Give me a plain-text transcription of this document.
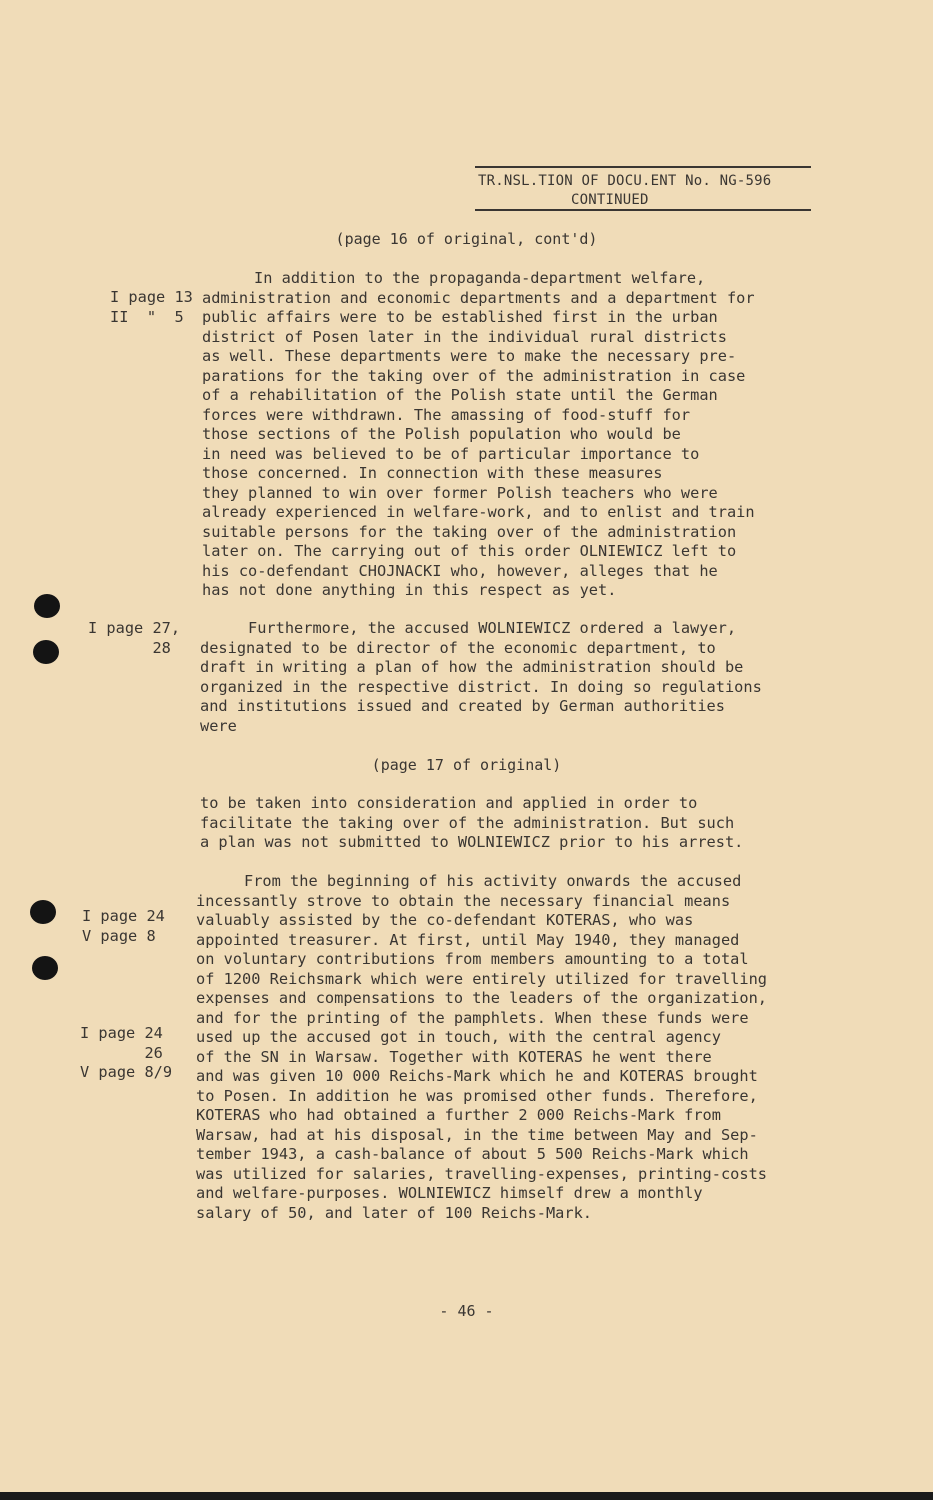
TR.NSL.TION OF DOCU.ENT No. NG-596
CONTINUED
(page 16 of original, cont'd)
I page 13
II  "  5
In addition to the propaganda-department welfare,
administration and economic departments and a department for
public affairs were to be established first in the urban
district of Posen later in the individual rural districts
as well. These departments were to make the necessary pre-
parations for the taking over of the administration in case
of a rehabilitation of the Polish state until the German
forces were withdrawn. The amassing of food-stuff for
those sections of the Polish population who would be
in need was believed to be of particular importance to
those concerned. In connection with these measures
they planned to win over former Polish teachers who were
already experienced in welfare-work, and to enlist and train
suitable persons for the taking over of the administration
later on. The carrying out of this order OLNIEWICZ left to
his co-defendant CHOJNACKI who, however, alleges that he
has not done anything in this respect as yet.
I page 27,
28
Furthermore, the accused WOLNIEWICZ ordered a lawyer,
designated to be director of the economic department, to
draft in writing a plan of how the administration should be
organized in the respective district. In doing so regulations
and institutions issued and created by German authorities
were
(page 17 of original)
to be taken into consideration and applied in order to
facilitate the taking over of the administration. But such
a plan was not submitted to WOLNIEWICZ prior to his arrest.
I page 24
V page 8
I page 24
26
V page 8/9
From the beginning of his activity onwards the accused
incessantly strove to obtain the necessary financial means
valuably assisted by the co-defendant KOTERAS, who was
appointed treasurer. At first, until May 1940, they managed
on voluntary contributions from members amounting to a total
of 1200 Reichsmark which were entirely utilized for travelling
expenses and compensations to the leaders of the organization,
and for the printing of the pamphlets. When these funds were
used up the accused got in touch, with the central agency
of the SN in Warsaw. Together with KOTERAS he went there
and was given 10 000 Reichs-Mark which he and KOTERAS brought
to Posen. In addition he was promised other funds. Therefore,
KOTERAS who had obtained a further 2 000 Reichs-Mark from
Warsaw, had at his disposal, in the time between May and Sep-
tember 1943, a cash-balance of about 5 500 Reichs-Mark which
was utilized for salaries, travelling-expenses, printing-costs
and welfare-purposes. WOLNIEWICZ himself drew a monthly
salary of 50, and later of 100 Reichs-Mark.
- 46 -
